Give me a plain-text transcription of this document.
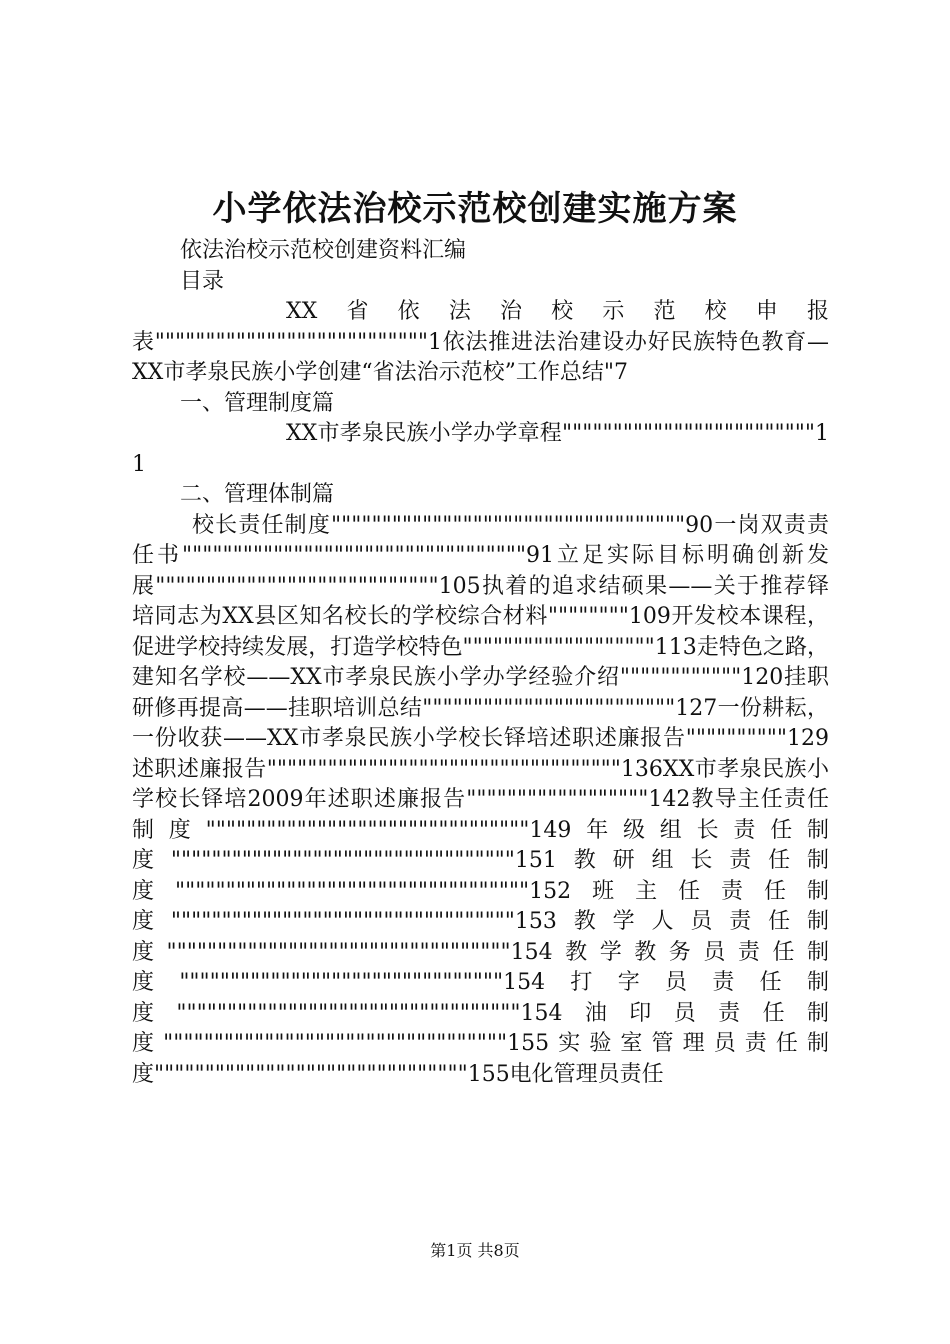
小学依法治校示范校创建实施方案

依法治校示范校创建资料汇编

目录

XX省依法治校示范校申报表"""""""""""""""""""""""""""1依法推进法治建设办好民族特色教育—XX市孝泉民族小学创建“省法治示范校”工作总结"7

一、管理制度篇

XX市孝泉民族小学办学章程"""""""""""""""""""""""""11

二、管理体制篇

校长责任制度"""""""""""""""""""""""""""""""""""90一岗双责责任书""""""""""""""""""""""""""""""""""91立足实际目标明确创新发展""""""""""""""""""""""""""""105执着的追求结硕果——关于推荐铎培同志为XX县区知名校长的学校综合材料""""""""109开发校本课程，促进学校持续发展，打造学校特色"""""""""""""""""""113走特色之路，建知名学校——XX市孝泉民族小学办学经验介绍""""""""""""120挂职研修再提高——挂职培训总结"""""""""""""""""""""""""127一份耕耘，一份收获——XX市孝泉民族小学校长铎培述职述廉报告""""""""""129述职述廉报告"""""""""""""""""""""""""""""""""""136XX市孝泉民族小学校长铎培2009年述职述廉报告""""""""""""""""""142教导主任责任制度""""""""""""""""""""""""""""""""149年级组长责任制度""""""""""""""""""""""""""""""""""151教研组长责任制度"""""""""""""""""""""""""""""""""""152班主任责任制度""""""""""""""""""""""""""""""""""153教学人员责任制度""""""""""""""""""""""""""""""""""154教学教务员责任制度""""""""""""""""""""""""""""""""154打字员责任制度""""""""""""""""""""""""""""""""""154油印员责任制度""""""""""""""""""""""""""""""""""155实验室管理员责任制度"""""""""""""""""""""""""""""""155电化管理员责任

第1页 共8页
